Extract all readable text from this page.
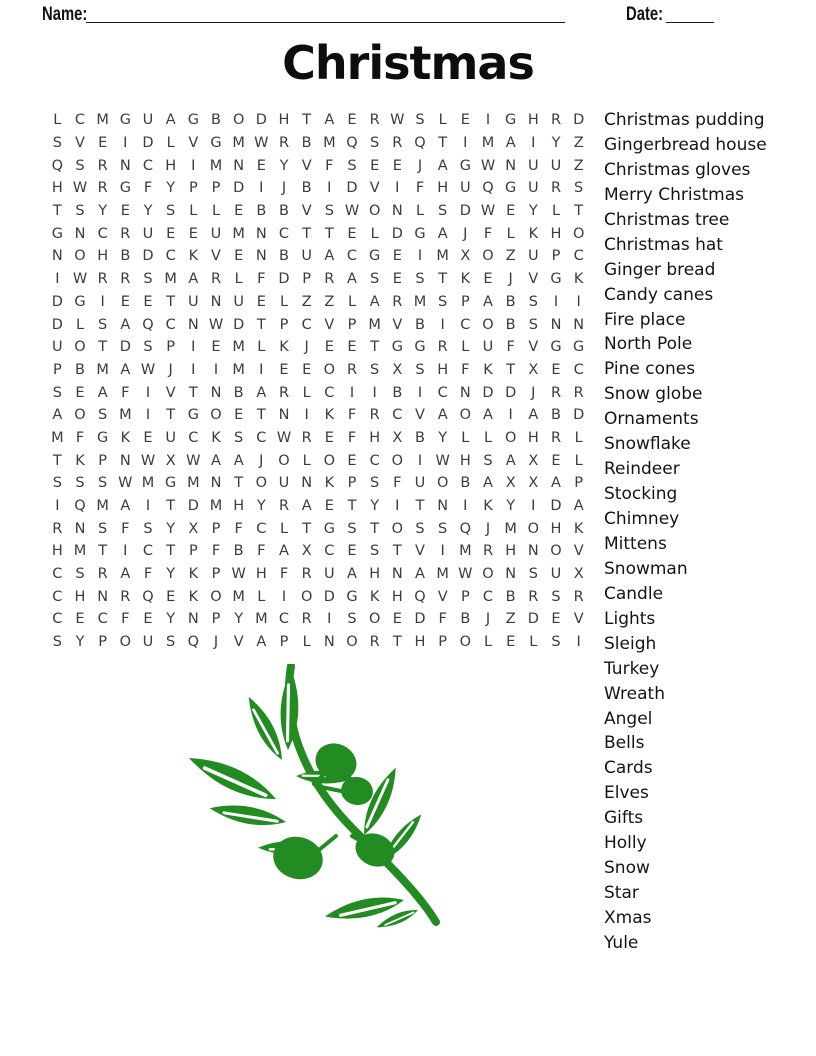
Name:	Date:
Christmas
L C M G U A G B O D H T A E R W S L E	I	G H R D
S V E	I	D L V G M W R B M Q S R Q T	I M A	I	Y Z
Q S R N C H	I M N E Y V F S E E	J	A G W N U U Z
H W R G F Y P P D	I	J	B	I	D V	I	F H U Q G U R S
T S Y E Y S L	L E B B V S W O N L S D W E Y L T
G N C R U E E U M N C T T E L D G A	J	F L K H O
N O H B D C K V E N B U A C G E	I M X O Z U P C
I W R R S M A R L F D P R A S E S T K E	J	V G K
D G	I	E E T U N U E L Z Z L A R M S P A B S	I	I
D L S A Q C N W D T P C V P M V B	I	C O B S N N
U O T D S P	I	E M L K	J	E E T G G R L U F V G G
P B M A W J	I	I M I	E E O R S X S H F K T X E C
S E A F	I	V T N B A R L C	I	I	B	I	C N D D	J	R R
A O S M I	T G O E T N	I	K F R C V A O A	I	A B D
M F G K E U C K S C W R E F H X B Y L	L O H R L
T K P N W X W A A	J	O L O E C O	I W H S A X E L
S S S W M G M N T O U N K P S F U O B A X X A P
I	Q M A	I	T D M H Y R A E T Y	I	T N	I	K Y	I	D A
R N S F S Y X P F C L T G S T O S S Q	J M O H K
H M T	I	C T P F B F A X C E S T V	I M R H N O V
C S R A F Y K P W H F R U A H N A M W O N S U X
C H N R Q E K O M L	I	O D G K H Q V P C B R S R
C E C F E Y N P Y M C R	I	S O E D F B	J	Z D E V
S Y P O U S Q	J	V A P L N O R T H P O L E L S	I
Christmas pudding
Gingerbread house
Christmas gloves
Merry Christmas
Christmas tree
Christmas hat
Ginger bread
Candy canes
Fire place
North Pole
Pine cones
Snow globe
Ornaments
Snowflake
Reindeer
Stocking
Chimney
Mittens
Snowman
Candle
Lights
Sleigh
Turkey
Wreath
Angel
Bells
Cards
Elves
Gifts
Holly
Snow
Star
Xmas
Yule
